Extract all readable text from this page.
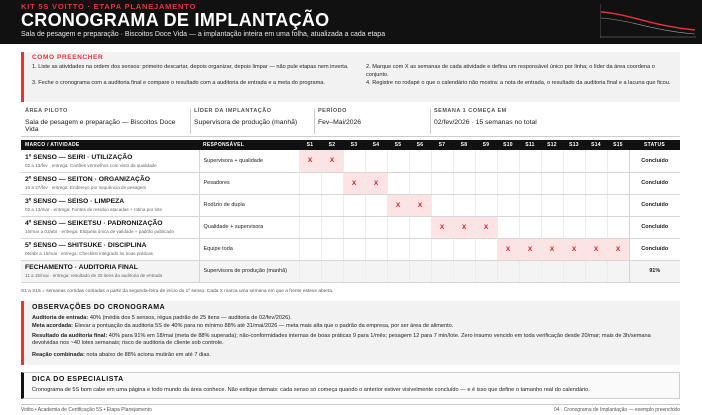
KIT 5S VOITTO · ETAPA PLANEJAMENTO
CRONOGRAMA DE IMPLANTAÇÃO
Sala de pesagem e preparação · Biscoitos Doce Vida — a implantação inteira em uma folha, atualizada a cada etapa
COMO PREENCHER
1. Liste as atividades na ordem dos sensos: primeiro descartar, depois organizar, depois limpar — não pule etapas nem inverta.
3. Feche o cronograma com a auditoria final e compare o resultado com a auditoria de entrada e a meta do programa.
2. Marque com X as semanas de cada atividade e defina um responsável único por linha; o líder da área coordena o conjunto.
4. Registre no rodapé o que o calendário não mostra: a nota de entrada, o resultado da auditoria final e a lacuna que ficou.
ÁREA PILOTO
Sala de pesagem e preparação — Biscoitos Doce Vida
LÍDER DA IMPLANTAÇÃO
Supervisora de produção (manhã)
PERÍODO
Fev–Mai/2026
SEMANA 1 COMEÇA EM
02/fev/2026 · 15 semanas no total
MARCO / ATIVIDADE	RESPONSÁVEL	S1	S2	S3	S4	S5	S6	S7	S8	S9	S10	S11	S12	S13	S14	S15	STATUS

1º SENSO — SEIRI · UTILIZAÇÃO
02 a 13/fev · entrega: Cartões vermelhos com visto da qualidade	Supervisora + qualidade	X	X														Concluído

2º SENSO — SEITON · ORGANIZAÇÃO
16 a 27/fev · entrega: Endereço por sequência de pesagem	Pesadores			X	X												Concluído

3º SENSO — SEISO · LIMPEZA
02 a 13/mar · entrega: Fontes de resíduo atacadas + rotina por lote	Rodízio de dupla					X	X										Concluído

4º SENSO — SEIKETSU · PADRONIZAÇÃO
16/mar a 03/abr · entrega: Etiqueta única de validade + padrão publicado	Qualidade + supervisora							X	X	X							Concluído

5º SENSO — SHITSUKE · DISCIPLINA
06/abr a 15/mai · entrega: Checklist integrado às boas práticas	Equipe toda										X	X	X	X	X	X	Concluído

FECHAMENTO · AUDITORIA FINAL
11 a 15/mai · entrega: resultado de 25 itens da auditoria de entrada	Supervisora de produção (manhã)																91%
S1 a S15 = semanas corridas contadas a partir da segunda-feira de início do 1º senso. Cada X marca uma semana em que a frente esteve aberta.
OBSERVAÇÕES DO CRONOGRAMA
Auditoria de entrada: 40% (média dos 5 sensos, régua padrão de 25 itens — auditoria de 02/fev/2026).
Meta acordada: Elevar a pontuação da auditoria 5S de 40% para no mínimo 88% até 31/mai/2026 — meta mais alta que o padrão da empresa, por ser área de alimento.
Resultado da auditoria final: 40% para 91% em 18/mai (meta de 88% superada); não-conformidades internas de boas práticas 9 para 1/mês; pesagem 12 para 7 min/lote. Zero insumo vencido em toda verificação desde 20/mar; mais de 3h/semana devolvidas nos ~40 lotes semanais; risco de auditoria de cliente sob controle.
Reação combinada: nota abaixo de 88% aciona mutirão em até 7 dias.
DICA DO ESPECIALISTA
Cronograma de 5S bom cabe em uma página e todo mundo da área conhece. Não estique demais: cada senso só começa quando o anterior estiver visivelmente concluído — e é isso que define o tamanho real do calendário.
Voitto • Academia de Certificação 5S • Etapa Planejamento	04 · Cronograma de Implantação — exemplo preenchido
